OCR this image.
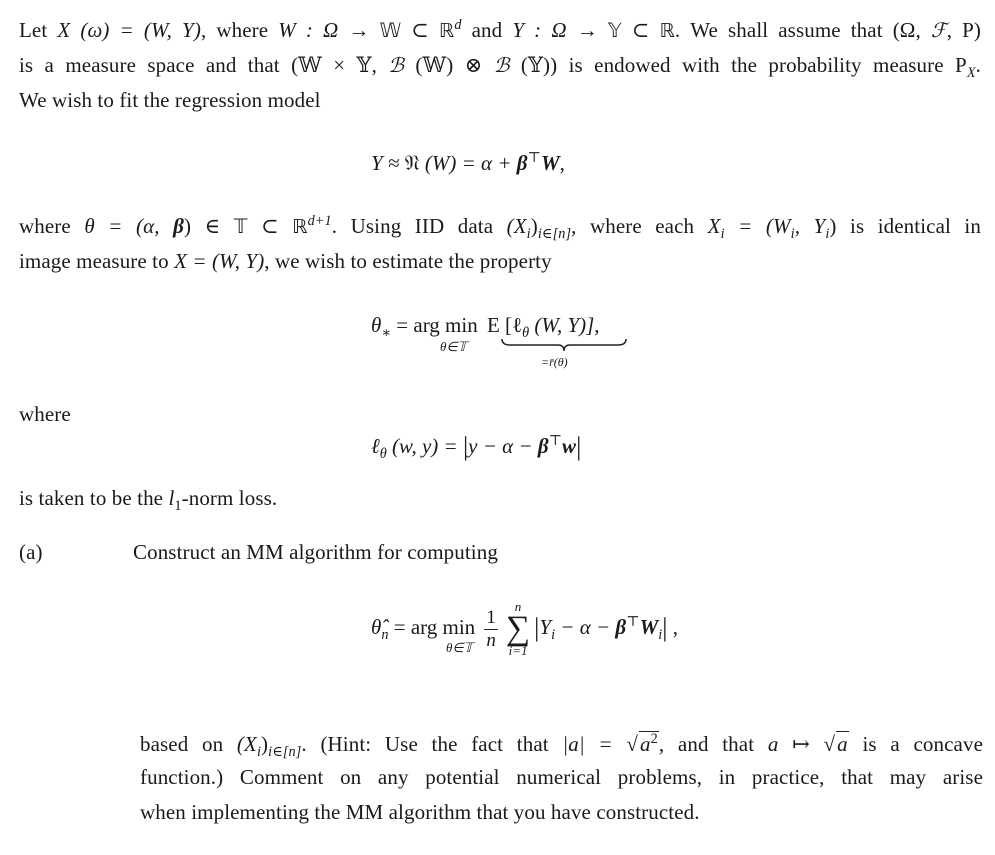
Let X (ω) = (W, Y), where W : Ω → 𝕎 ⊂ ℝ$^d$ and Y : Ω → 𝕐 ⊂ ℝ. We shall assume that (Ω, ℱ, P)
is a measure space and that (𝕎 × 𝕐, ℬ (𝕎) ⊗ ℬ (𝕐)) is endowed with the probability measure $P_X$.
We wish to fit the regression model
Y ≈ 𝔑 (W) = α + β⊤W,
where θ = (α, β) ∈ 𝕋 ⊂ ℝ$^{d+1}$. Using IID data $(X_i)_{i\in[n]}$, where each $X_i = (W_i$, $Y_i$) is identical in
image measure to X = (W, Y), we wish to estimate the property
$\theta_∗$ = arg min E [ℓ$_\theta$ (W, Y)],
θ∈𝕋
=r̄(θ)
where
ℓ$_\theta$ (w, y) = |y − α − β⊤w|
is taken to be the $l_1$-norm loss.
(a)	Construct an MM algorithm for computing
$\thetâ_n$ = arg $\min \frac{1}{n}$	n
∑
i=1
$|Y_i - \alpha - \beta^⊤W_i|$ ,
θ∈𝕋
based on $(X_i)_{i\in[n]}$. (Hint: Use the fact that $|a| = √a^2$, and that a ↦ √a is a concave
function.) Comment on any potential numerical problems, in practice, that may arise
when implementing the MM algorithm that you have constructed.
